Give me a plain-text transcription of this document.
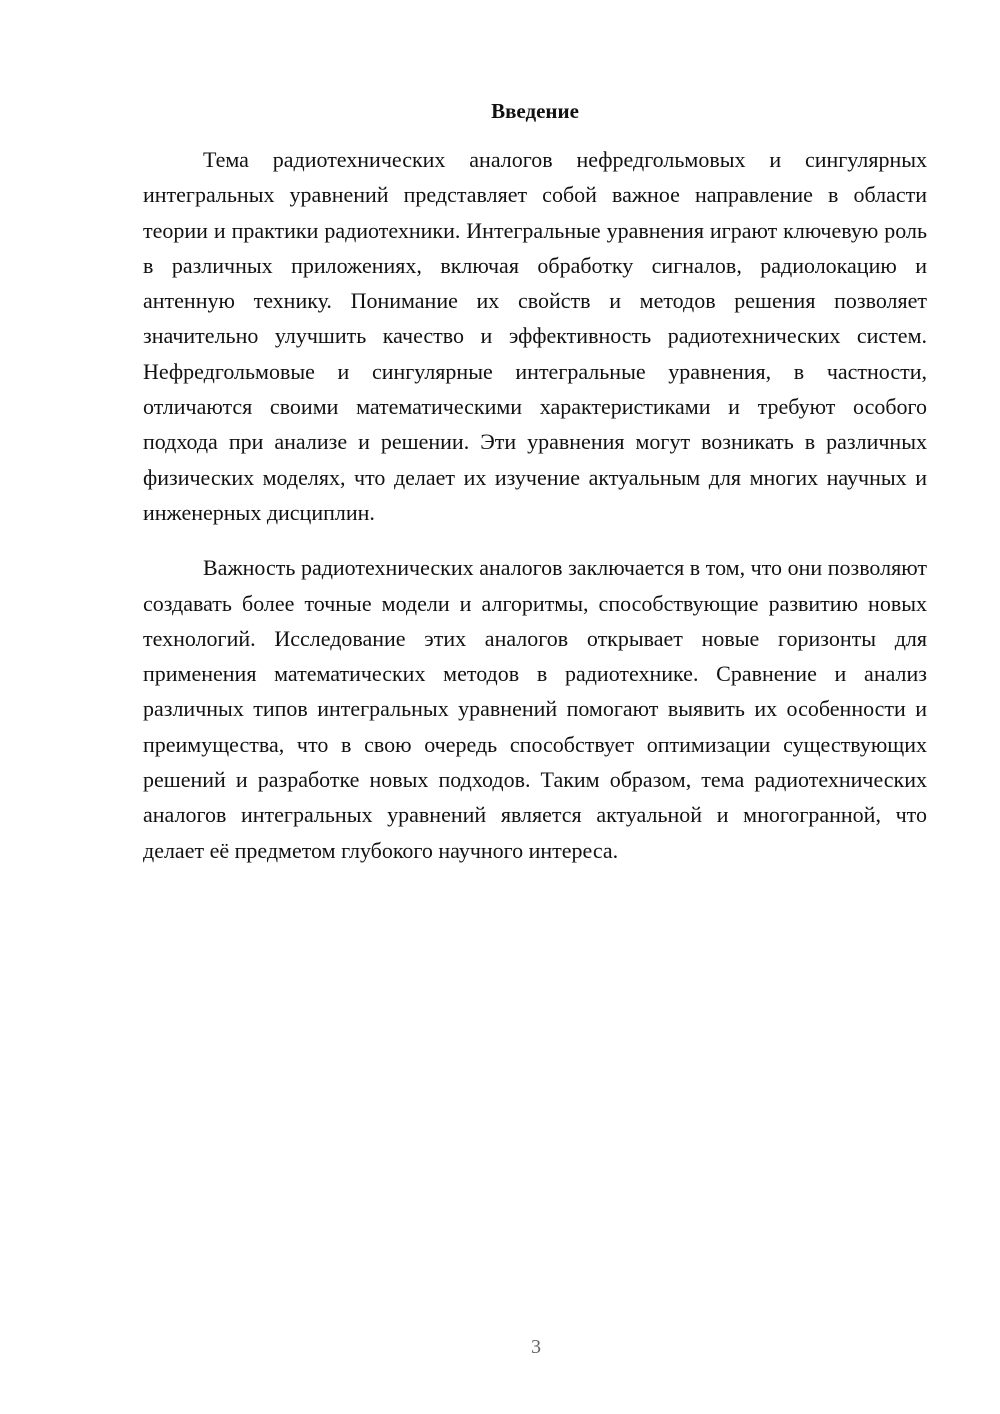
Введение

Тема радиотехнических аналогов нефредгольмовых и сингулярных интегральных уравнений представляет собой важное направление в области теории и практики радиотехники. Интегральные уравнения играют ключевую роль в различных приложениях, включая обработку сигналов, радиолокацию и антенную технику. Понимание их свойств и методов решения позволяет значительно улучшить качество и эффективность радиотехнических систем. Нефредгольмовые и сингулярные интегральные уравнения, в частности, отличаются своими математическими характеристиками и требуют особого подхода при анализе и решении. Эти уравнения могут возникать в различных физических моделях, что делает их изучение актуальным для многих научных и инженерных дисциплин.

Важность радиотехнических аналогов заключается в том, что они позволяют создавать более точные модели и алгоритмы, способствующие развитию новых технологий. Исследование этих аналогов открывает новые горизонты для применения математических методов в радиотехнике. Сравнение и анализ различных типов интегральных уравнений помогают выявить их особенности и преимущества, что в свою очередь способствует оптимизации существующих решений и разработке новых подходов. Таким образом, тема радиотехнических аналогов интегральных уравнений является актуальной и многогранной, что делает её предметом глубокого научного интереса.

3
